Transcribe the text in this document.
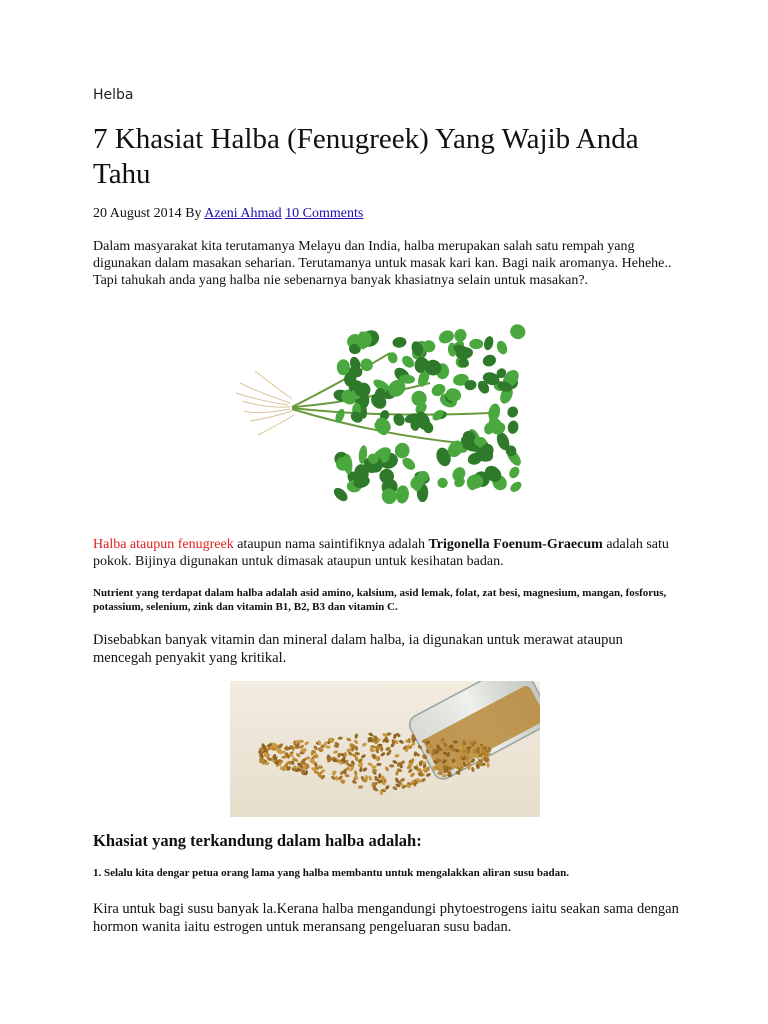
Helba
7 Khasiat Halba (Fenugreek) Yang Wajib Anda Tahu
20 August 2014 By Azeni Ahmad 10 Comments

Dalam masyarakat kita terutamanya Melayu dan India, halba merupakan salah satu rempah yang digunakan dalam masakan seharian. Terutamanya untuk masak kari kan. Bagi naik aromanya. Hehehe.. Tapi tahukah anda yang halba nie sebenarnya banyak khasiatnya selain untuk masakan?.

Halba ataupun fenugreek ataupun nama saintifiknya adalah Trigonella Foenum-Graecum adalah satu pokok. Bijinya digunakan untuk dimasak ataupun untuk kesihatan badan.

Nutrient yang terdapat dalam halba adalah asid amino, kalsium, asid lemak, folat, zat besi, magnesium, mangan, fosforus, potassium, selenium, zink dan vitamin B1, B2, B3 dan vitamin C.

Disebabkan banyak vitamin dan mineral dalam halba, ia digunakan untuk merawat ataupun mencegah penyakit yang kritikal.

Khasiat yang terkandung dalam halba adalah:

1. Selalu kita dengar petua orang lama yang halba membantu untuk mengalakkan aliran susu badan.

Kira untuk bagi susu banyak la.Kerana halba mengandungi phytoestrogens iaitu seakan sama dengan hormon wanita iaitu estrogen untuk meransang pengeluaran susu badan.
